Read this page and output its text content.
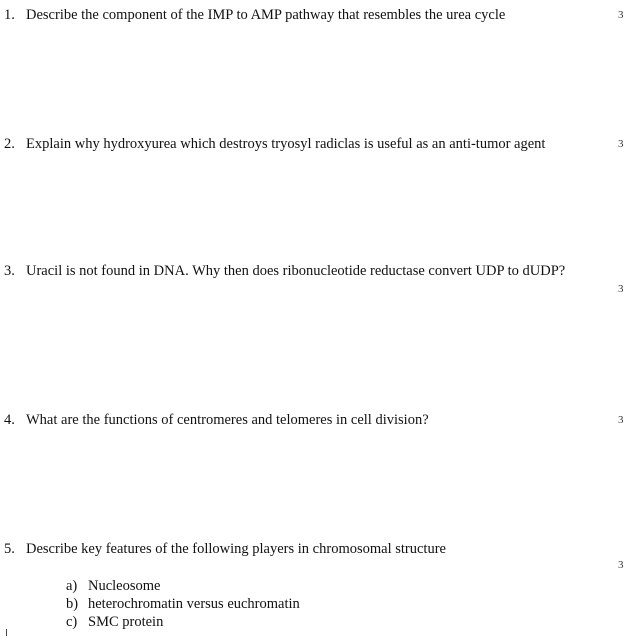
1. Describe the component of the IMP to AMP pathway that resembles the urea cycle	3
2. Explain why hydroxyurea which destroys tryosyl radiclas is useful as an anti-tumor agent	3
3. Uracil is not found in DNA. Why then does ribonucleotide reductase convert UDP to dUDP?
3
4. What are the functions of centromeres and telomeres in cell division?	3
5. Describe key features of the following players in chromosomal structure
3
a) Nucleosome
b) heterochromatin versus euchromatin
c) SMC protein
